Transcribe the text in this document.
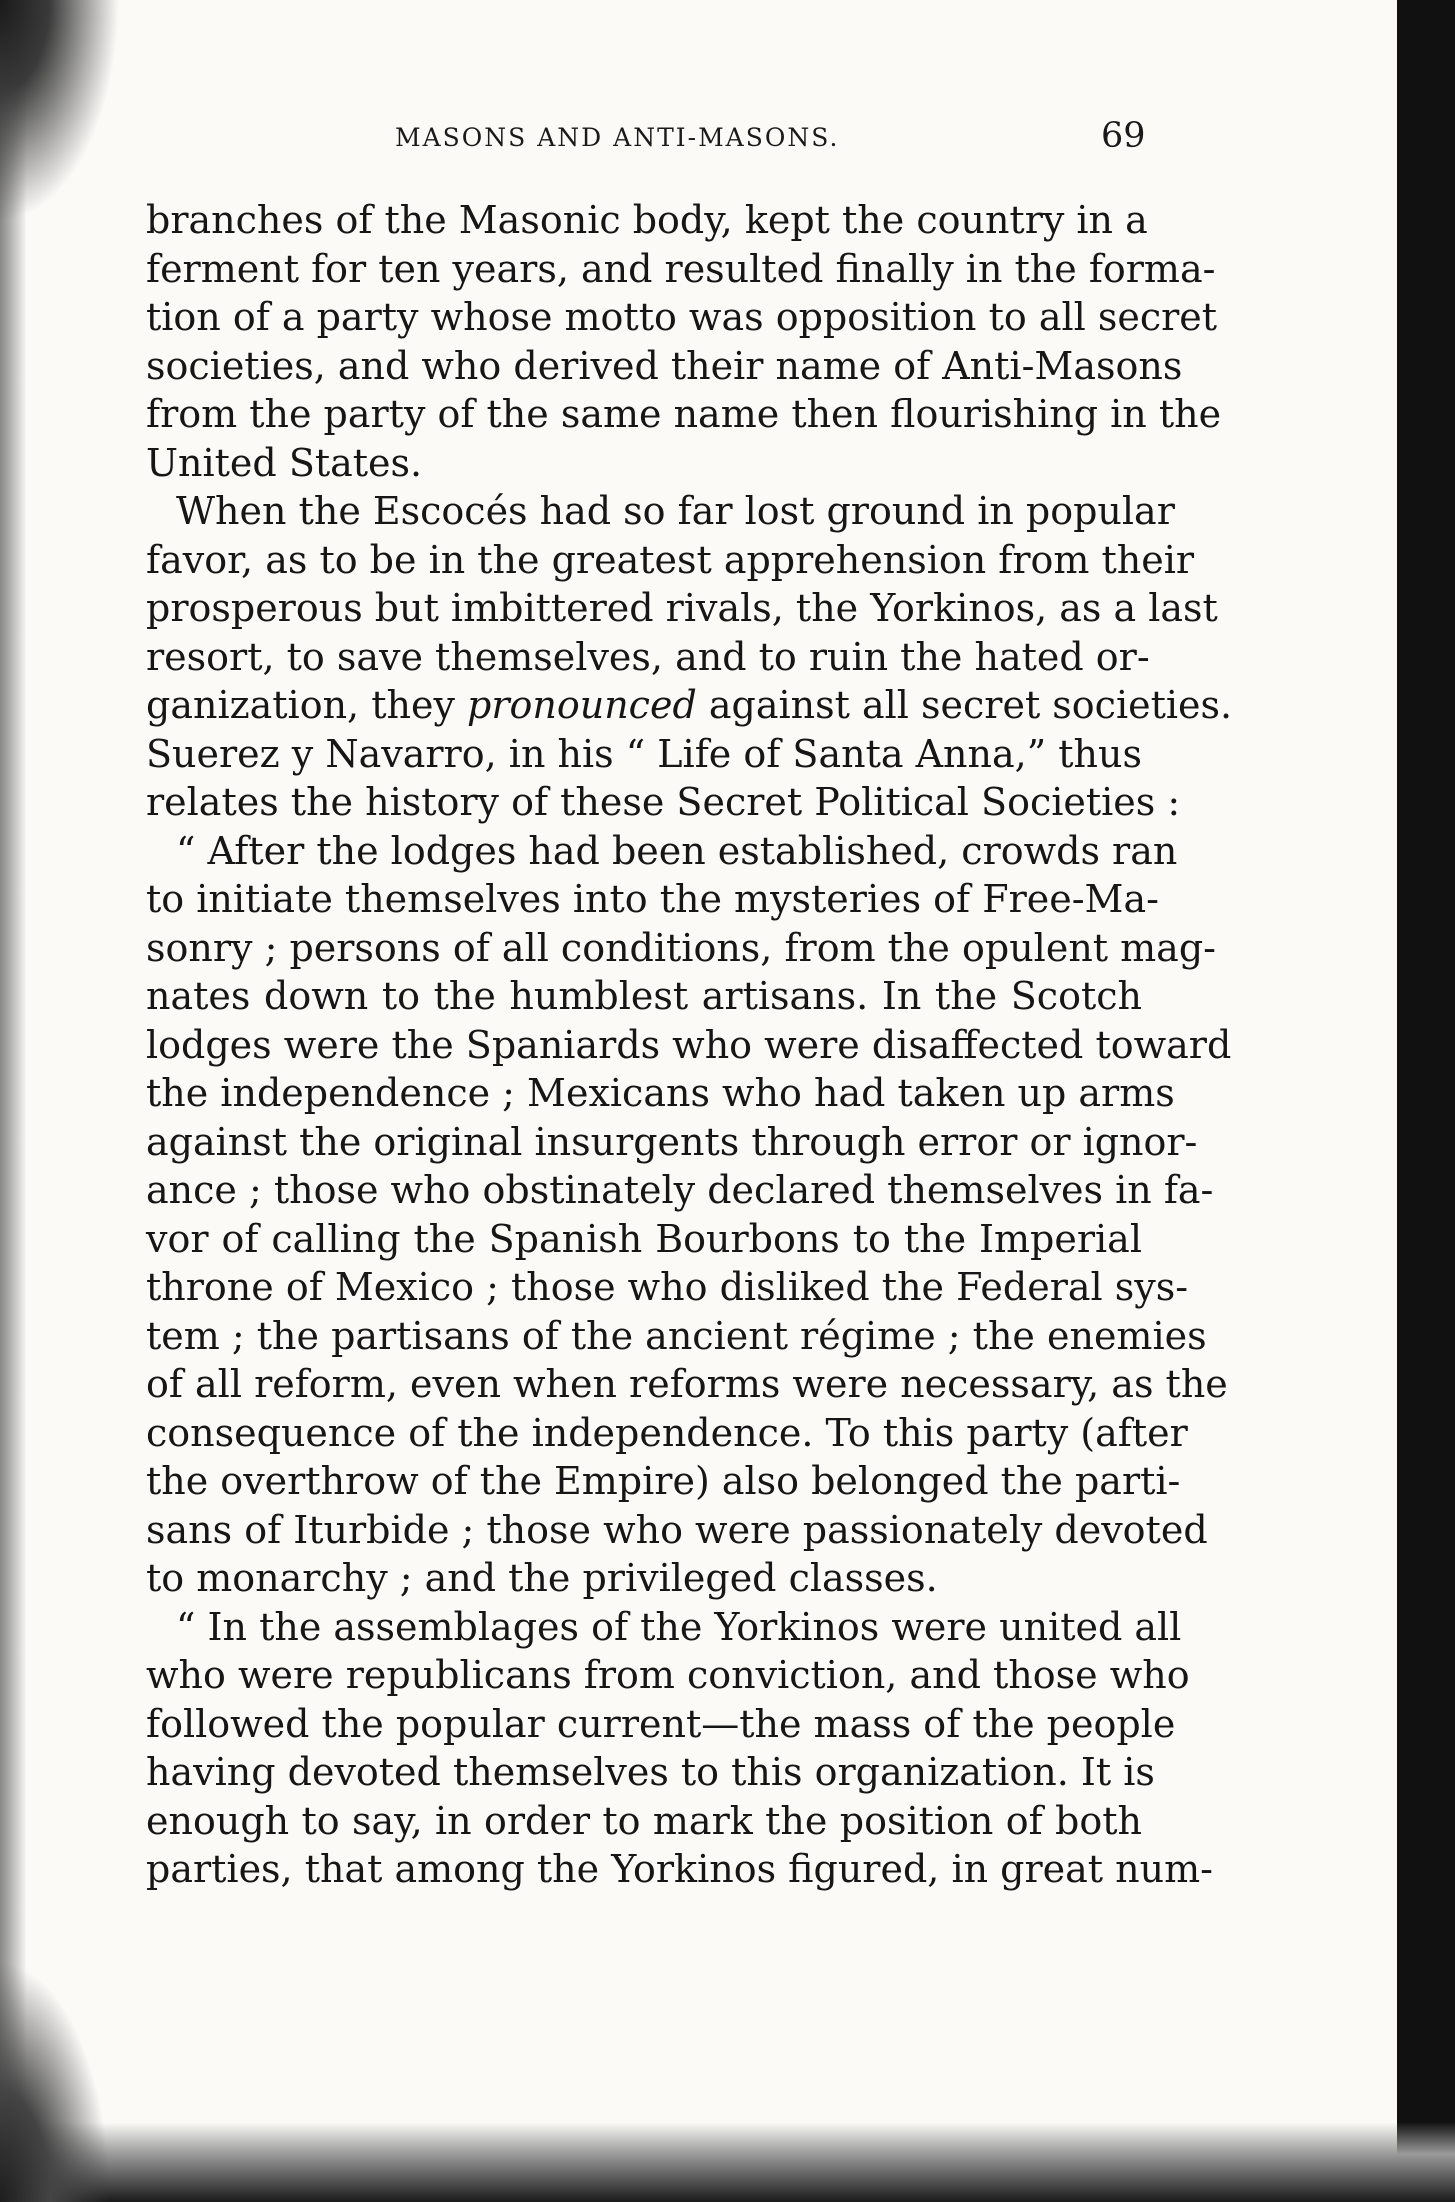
MASONS AND ANTI-MASONS.	69
branches of the Masonic body, kept the country in a
ferment for ten years, and resulted finally in the forma-
tion of a party whose motto was opposition to all secret
societies, and who derived their name of Anti-Masons
from the party of the same name then flourishing in the
United States.
When the Escocés had so far lost ground in popular
favor, as to be in the greatest apprehension from their
prosperous but imbittered rivals, the Yorkinos, as a last
resort, to save themselves, and to ruin the hated or-
ganization, they pronounced against all secret societies.
Suerez y Navarro, in his “ Life of Santa Anna,” thus
relates the history of these Secret Political Societies :
“ After the lodges had been established, crowds ran
to initiate themselves into the mysteries of Free-Ma-
sonry ; persons of all conditions, from the opulent mag-
nates down to the humblest artisans. In the Scotch
lodges were the Spaniards who were disaffected toward
the independence ; Mexicans who had taken up arms
against the original insurgents through error or ignor-
ance ; those who obstinately declared themselves in fa-
vor of calling the Spanish Bourbons to the Imperial
throne of Mexico ; those who disliked the Federal sys-
tem ; the partisans of the ancient régime ; the enemies
of all reform, even when reforms were necessary, as the
consequence of the independence. To this party (after
the overthrow of the Empire) also belonged the parti-
sans of Iturbide ; those who were passionately devoted
to monarchy ; and the privileged classes.
“ In the assemblages of the Yorkinos were united all
who were republicans from conviction, and those who
followed the popular current—the mass of the people
having devoted themselves to this organization. It is
enough to say, in order to mark the position of both
parties, that among the Yorkinos figured, in great num-
